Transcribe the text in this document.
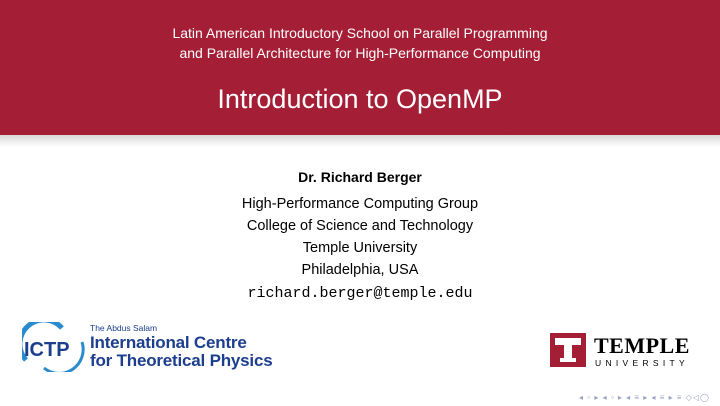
Latin American Introductory School on Parallel Programming
and Parallel Architecture for High-Performance Computing
Introduction to OpenMP
Dr. Richard Berger
High-Performance Computing Group
College of Science and Technology
Temple University
Philadelphia, USA
richard.berger@temple.edu
ICTP
The Abdus Salam
International Centre
for Theoretical Physics
TEMPLE
UNIVERSITY
◂ ▫ ▸ ◂ ▫ ▸ ◂ ≡ ▸ ◂ ≡ ▸ ≡ ◇◁◯
